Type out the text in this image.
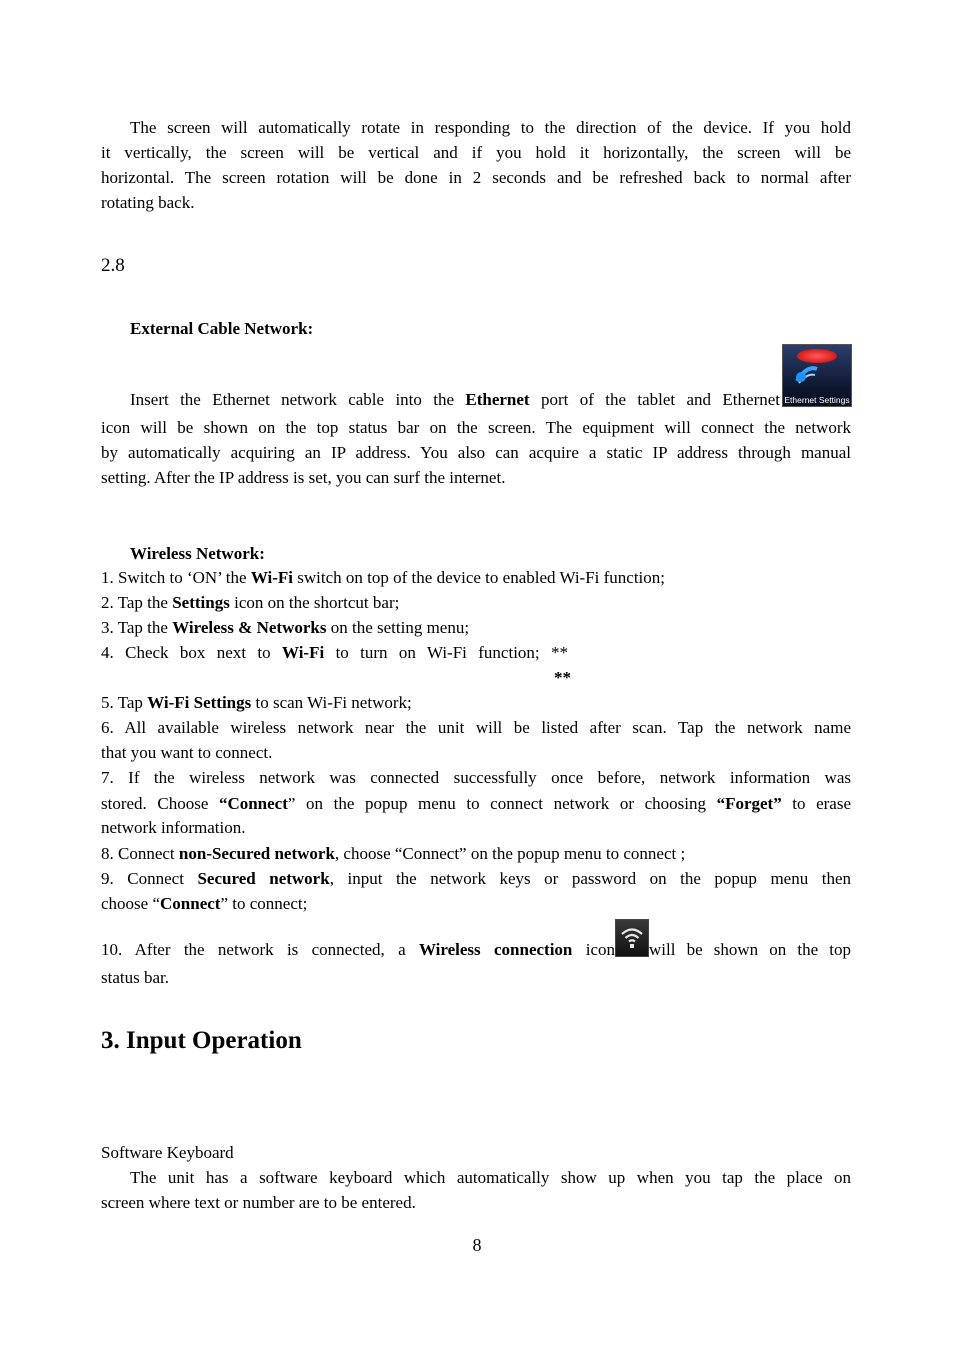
The screen will automatically rotate in responding to the direction of the device. If you hold
it vertically, the screen will be vertical and if you hold it horizontally, the screen will be
horizontal. The screen rotation will be done in 2 seconds and be refreshed back to normal after
rotating back.
2.8
External Cable Network:
Insert the Ethernet network cable into the Ethernet port of the tablet and Ethernet Ethernet Settings
icon will be shown on the top status bar on the screen. The equipment will connect the network
by automatically acquiring an IP address. You also can acquire a static IP address through manual
setting. After the IP address is set, you can surf the internet.
Wireless Network:
1. Switch to ‘ON’ the Wi-Fi switch on top of the device to enabled Wi-Fi function;
2. Tap the Settings icon on the shortcut bar;
3. Tap the Wireless & Networks on the setting menu;
4. Check box next to Wi-Fi to turn on Wi-Fi function; **
**
5. Tap Wi-Fi Settings to scan Wi-Fi network;
6. All available wireless network near the unit will be listed after scan. Tap the network name
that you want to connect.
7. If the wireless network was connected successfully once before, network information was
stored. Choose “Connect” on the popup menu to connect network or choosing “Forget” to erase
network information.
8. Connect non-Secured network, choose “Connect” on the popup menu to connect ;
9. Connect Secured network, input the network keys or password on the popup menu then
choose “Connect” to connect;
10. After the network is connected, a Wireless connection icon will be shown on the top
status bar.
3. Input Operation
Software Keyboard
The unit has a software keyboard which automatically show up when you tap the place on
screen where text or number are to be entered.
8
